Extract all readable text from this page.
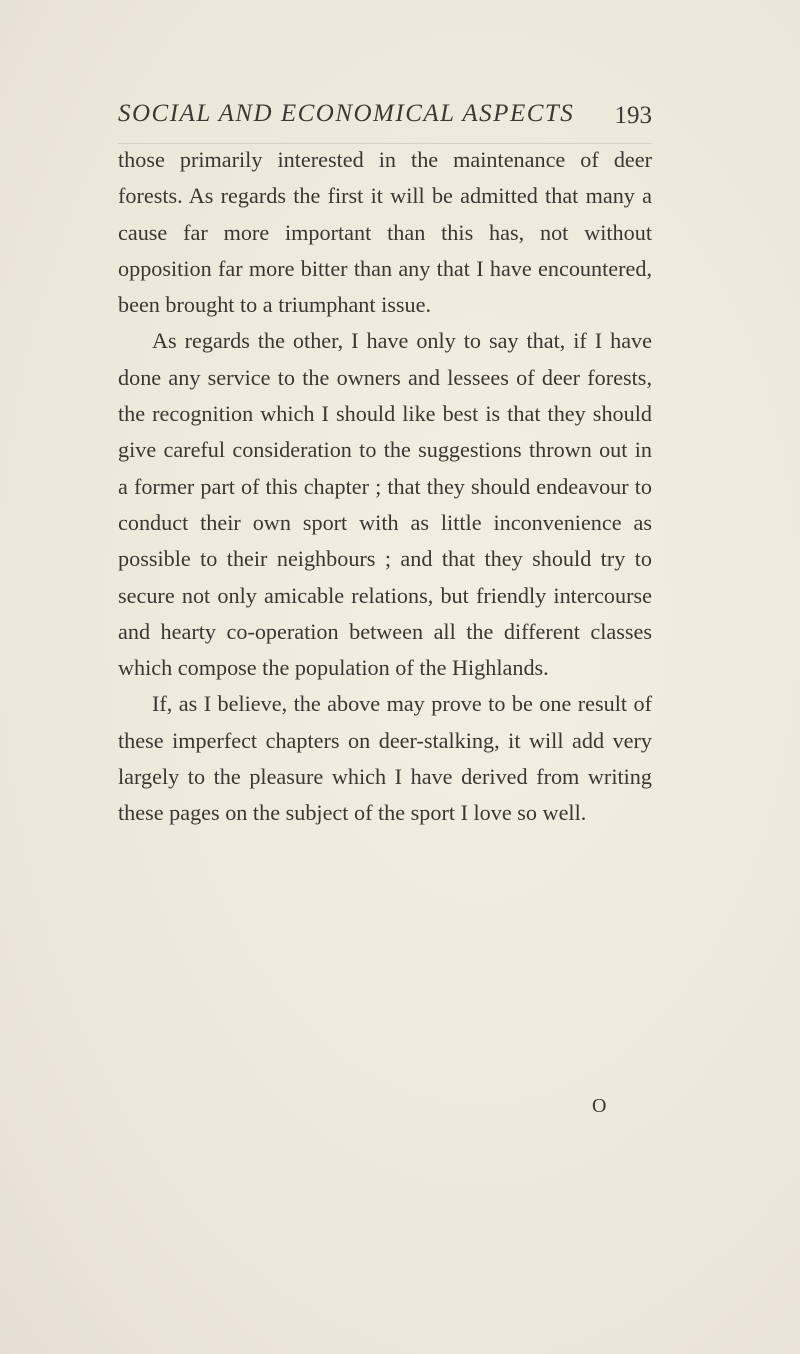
SOCIAL AND ECONOMICAL ASPECTS 193

those primarily interested in the maintenance of deer forests. As regards the first it will be admitted that many a cause far more important than this has, not without opposition far more bitter than any that I have encountered, been brought to a triumphant issue.

As regards the other, I have only to say that, if I have done any service to the owners and lessees of deer forests, the recognition which I should like best is that they should give careful consideration to the suggestions thrown out in a former part of this chapter ; that they should endeavour to conduct their own sport with as little inconvenience as possible to their neighbours ; and that they should try to secure not only amicable relations, but friendly intercourse and hearty co-operation between all the different classes which compose the population of the Highlands.

If, as I believe, the above may prove to be one result of these imperfect chapters on deer-stalking, it will add very largely to the pleasure which I have derived from writing these pages on the subject of the sport I love so well.

O
